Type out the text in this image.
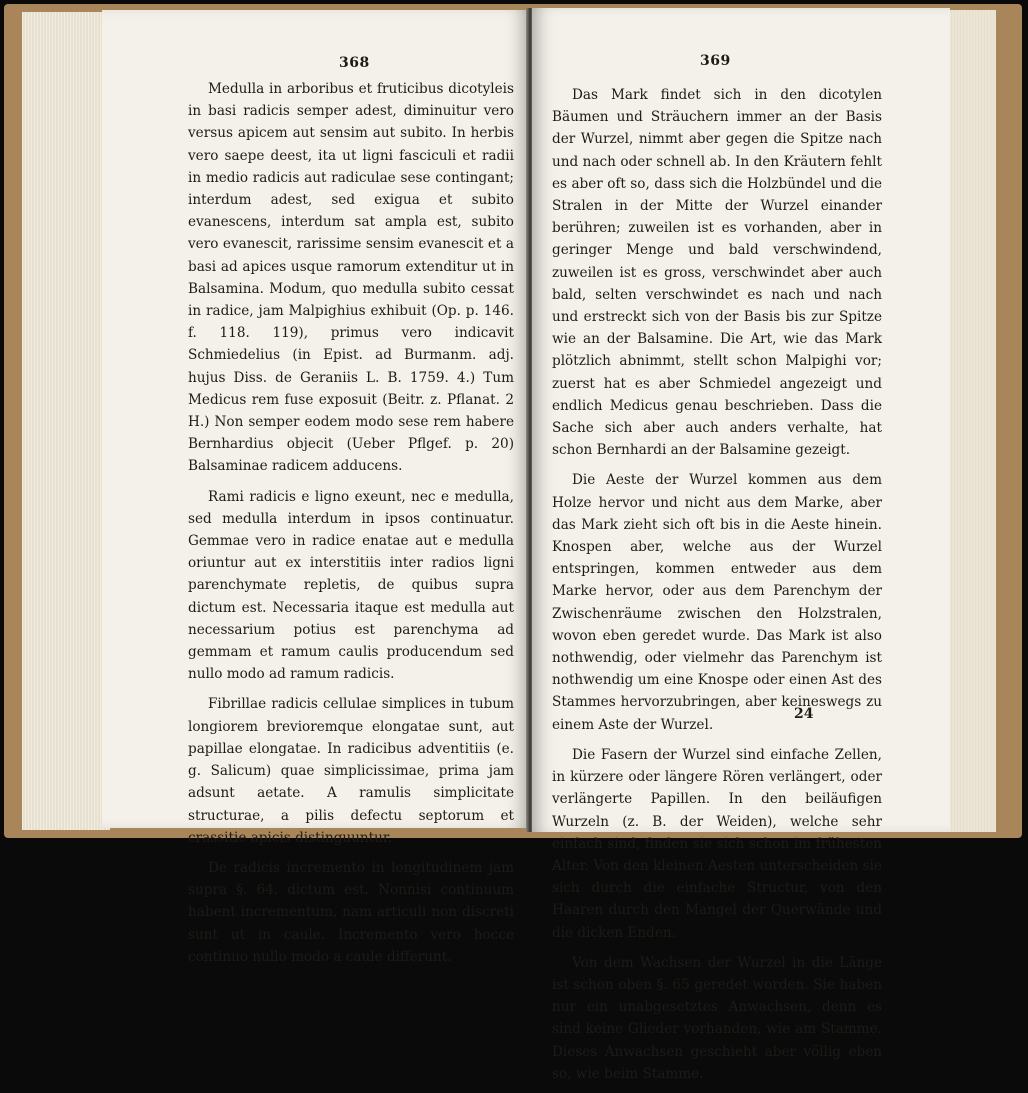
368

Medulla in arboribus et fruticibus dicotyleis in basi radicis semper adest, diminuitur vero versus apicem aut sensim aut subito. In herbis vero saepe deest, ita ut ligni fasciculi et radii in medio radicis aut radiculae sese contingant; interdum adest, sed exigua et subito evanescens, interdum sat ampla est, subito vero evanescit, rarissime sensim evanescit et a basi ad apices usque ramorum extenditur ut in Balsamina. Modum, quo medulla subito cessat in radice, jam Malpighius exhibuit (Op. p. 146. f. 118. 119), primus vero indicavit Schmiedelius (in Epist. ad Burmanm. adj. hujus Diss. de Geraniis L. B. 1759. 4.) Tum Medicus rem fuse exposuit (Beitr. z. Pflanat. 2 H.) Non semper eodem modo sese rem habere Bernhardius objecit (Ueber Pflgef. p. 20) Balsaminae radicem adducens.

Rami radicis e ligno exeunt, nec e medulla, sed medulla interdum in ipsos continuatur. Gemmae vero in radice enatae aut e medulla oriuntur aut ex interstitiis inter radios ligni parenchymate repletis, de quibus supra dictum est. Necessaria itaque est medulla aut necessarium potius est parenchyma ad gemmam et ramum caulis producendum sed nullo modo ad ramum radicis.

Fibrillae radicis cellulae simplices in tubum longiorem brevioremque elongatae sunt, aut papillae elongatae. In radicibus adventitiis (e. g. Salicum) quae simplicissimae, prima jam adsunt aetate. A ramulis simplicitate structurae, a pilis defectu septorum et crassitie apicis distinguuntur.

De radicis incremento in longitudinem jam supra §. 64. dictum est. Nonnisi continuum habent incrementum, nam articuli non discreti sunt ut in caule. Incremento vero hocce continuo nullo modo a caule differunt.

369

Das Mark findet sich in den dicotylen Bäumen und Sträuchern immer an der Basis der Wurzel, nimmt aber gegen die Spitze nach und nach oder schnell ab. In den Kräutern fehlt es aber oft so, dass sich die Holzbündel und die Stralen in der Mitte der Wurzel einander berühren; zuweilen ist es vorhanden, aber in geringer Menge und bald verschwindend, zuweilen ist es gross, verschwindet aber auch bald, selten verschwindet es nach und nach und erstreckt sich von der Basis bis zur Spitze wie an der Balsamine. Die Art, wie das Mark plötzlich abnimmt, stellt schon Malpighi vor; zuerst hat es aber Schmiedel angezeigt und endlich Medicus genau beschrieben. Dass die Sache sich aber auch anders verhalte, hat schon Bernhardi an der Balsamine gezeigt.

Die Aeste der Wurzel kommen aus dem Holze hervor und nicht aus dem Marke, aber das Mark zieht sich oft bis in die Aeste hinein. Knospen aber, welche aus der Wurzel entspringen, kommen entweder aus dem Marke hervor, oder aus dem Parenchym der Zwischenräume zwischen den Holzstralen, wovon eben geredet wurde. Das Mark ist also nothwendig, oder vielmehr das Parenchym ist nothwendig um eine Knospe oder einen Ast des Stammes hervorzubringen, aber keineswegs zu einem Aste der Wurzel.

Die Fasern der Wurzel sind einfache Zellen, in kürzere oder längere Rören verlängert, oder verlängerte Papillen. In den beiläufigen Wurzeln (z. B. der Weiden), welche sehr einfach sind, finden sie sich schon im frühesten Alter. Von den kleinen Aesten unterscheiden sie sich durch die einfache Structur, von den Haaren durch den Mangel der Querwände und die dicken Enden.

Von dem Wachsen der Wurzel in die Länge ist schon oben §. 65 geredet worden. Sie haben nur ein unabgesetztes Anwachsen, denn es sind keine Glieder vorhanden, wie am Stamme. Dieses Anwachsen geschieht aber völlig eben so, wie beim Stamme.

24
